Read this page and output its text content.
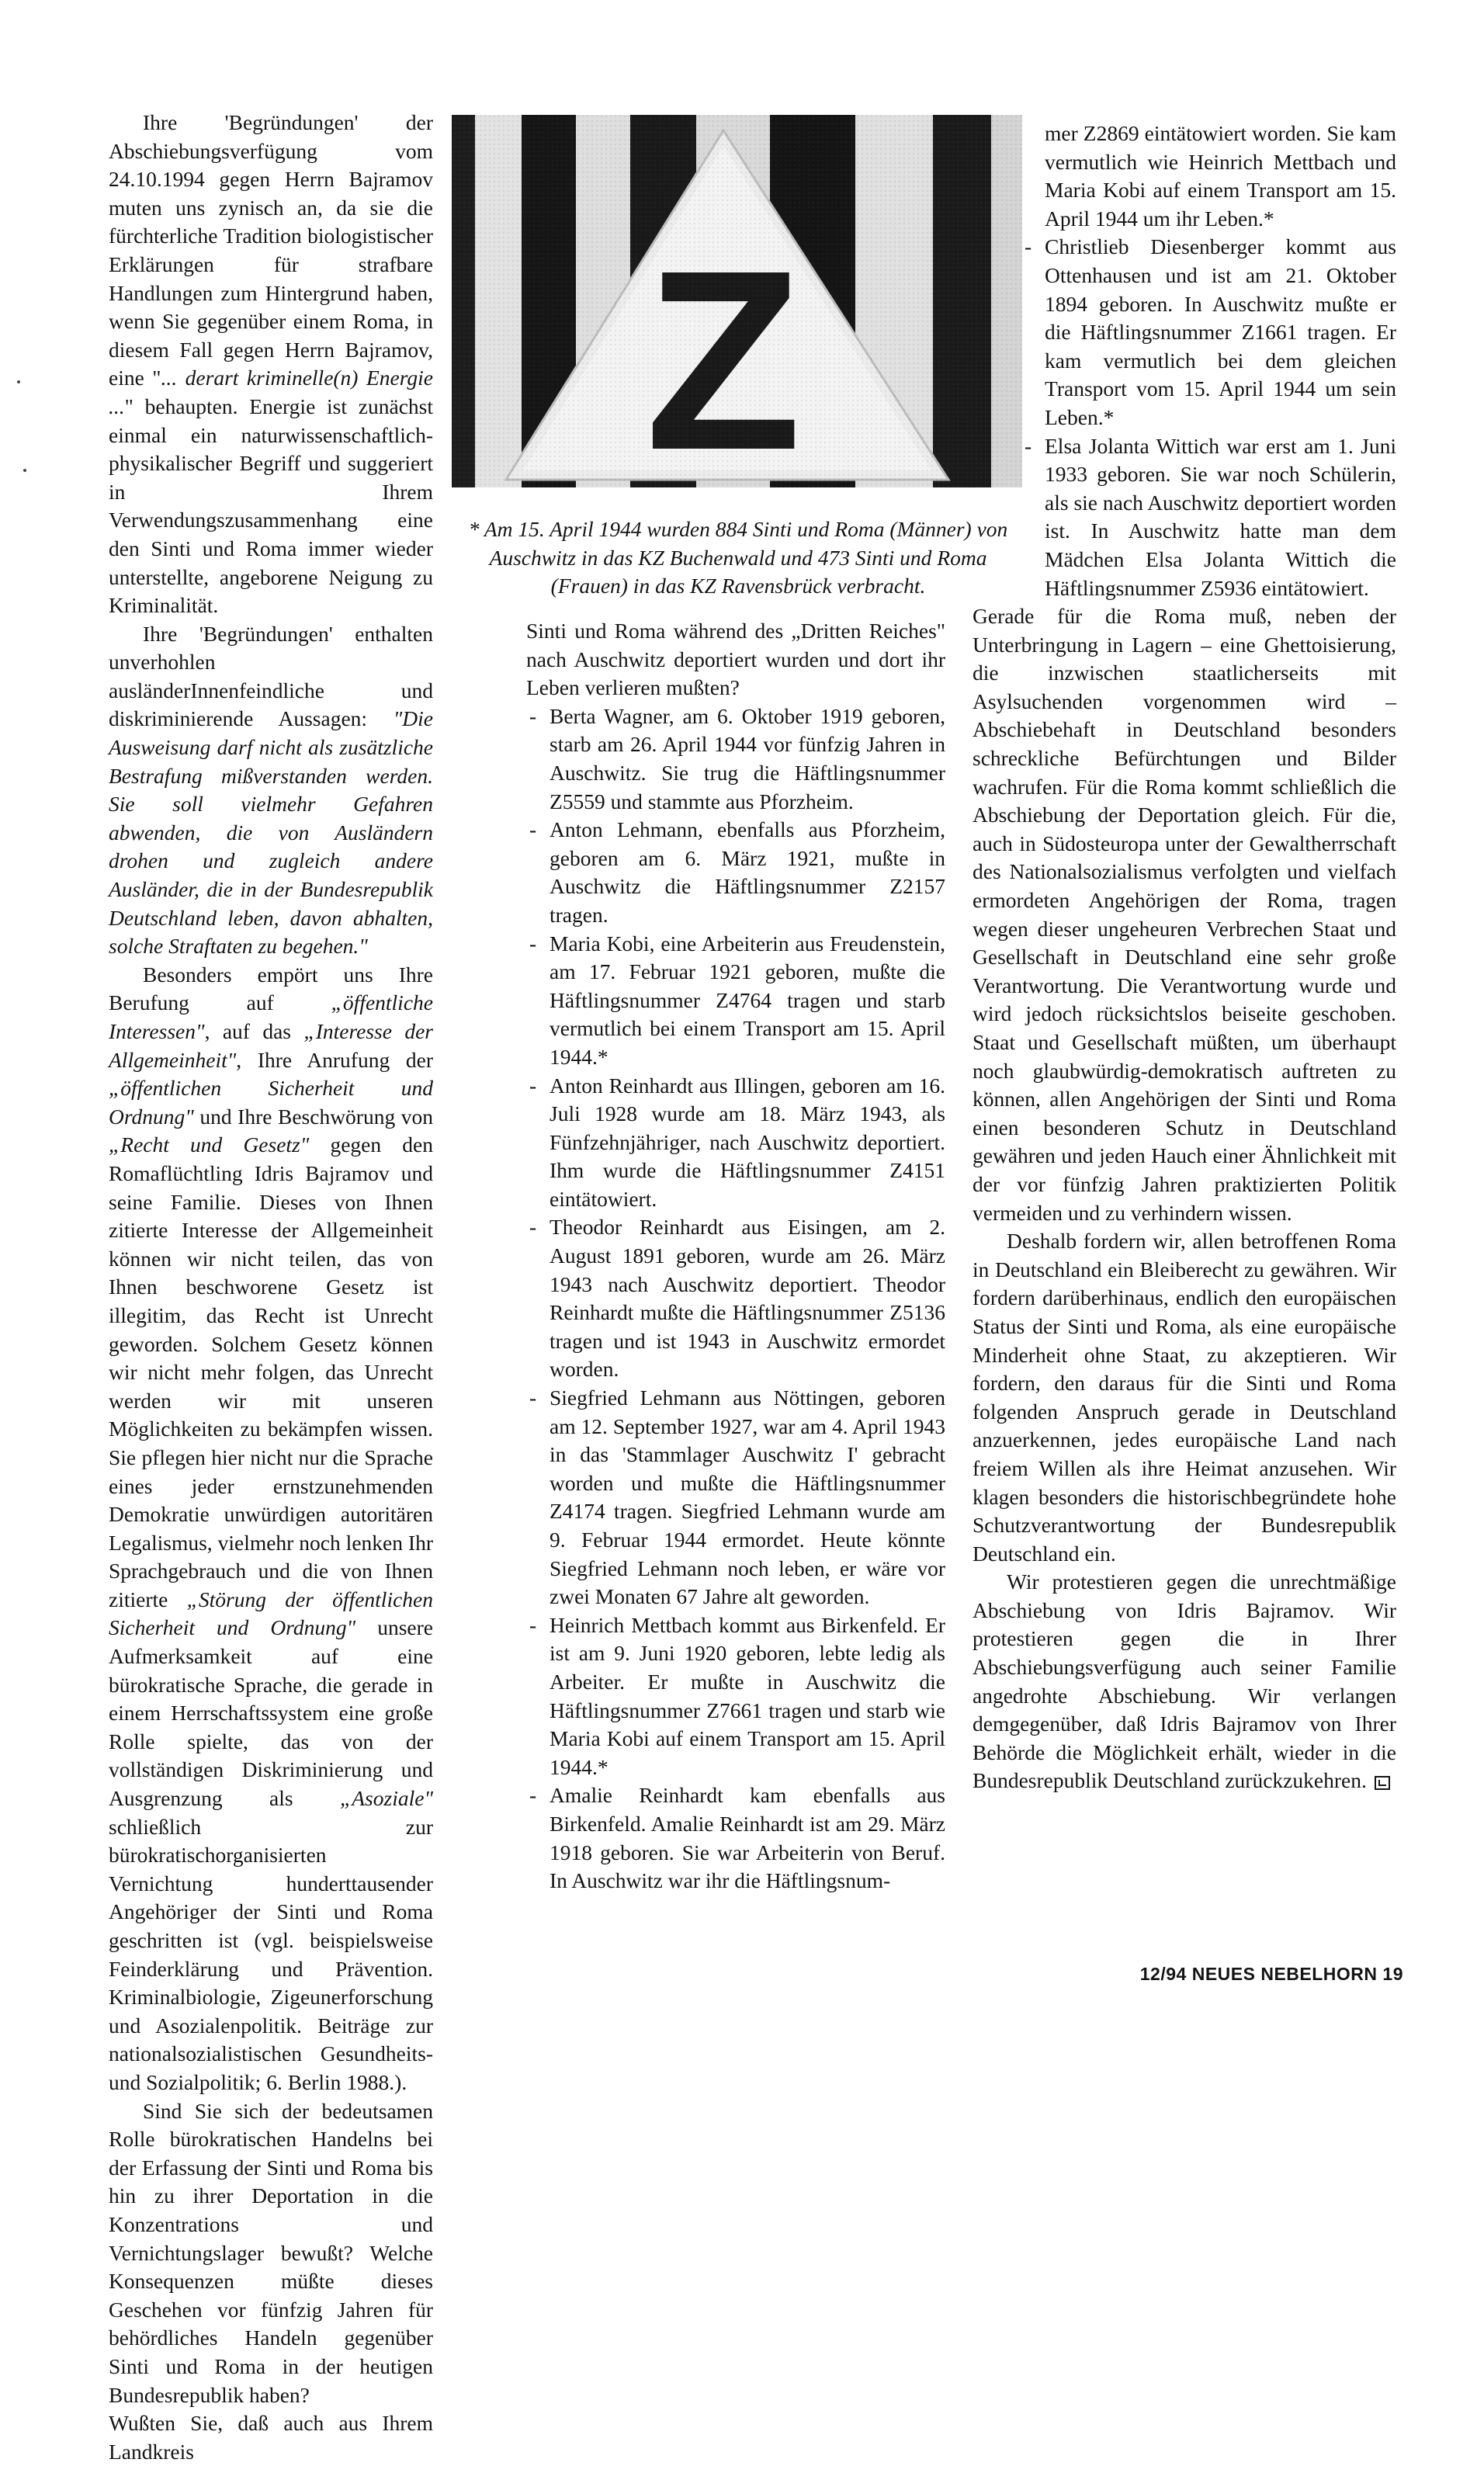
Ihre 'Begründungen' der Abschiebungsverfügung vom 24.10.1994 gegen Herrn Bajramov muten uns zynisch an, da sie die fürchterliche Tradition biologistischer Erklärungen für strafbare Handlungen zum Hintergrund haben, wenn Sie gegenüber einem Roma, in diesem Fall gegen Herrn Bajramov, eine "... derart kriminelle(n) Energie ..." behaupten. Energie ist zunächst einmal ein naturwissenschaftlich-physikalischer Begriff und suggeriert in Ihrem Verwendungszusammenhang eine den Sinti und Roma immer wieder unterstellte, angeborene Neigung zu Kriminalität.

Ihre 'Begründungen' enthalten unverhohlen ausländerInnenfeindliche und diskriminierende Aussagen: "Die Ausweisung darf nicht als zusätzliche Bestrafung mißverstanden werden. Sie soll vielmehr Gefahren abwenden, die von Ausländern drohen und zugleich andere Ausländer, die in der Bundesrepublik Deutschland leben, davon abhalten, solche Straftaten zu begehen."

Besonders empört uns Ihre Berufung auf „öffentliche Interessen", auf das „Interesse der Allgemeinheit", Ihre Anrufung der „öffentlichen Sicherheit und Ordnung" und Ihre Beschwörung von „Recht und Gesetz" gegen den Romaflüchtling Idris Bajramov und seine Familie. Dieses von Ihnen zitierte Interesse der Allgemeinheit können wir nicht teilen, das von Ihnen beschworene Gesetz ist illegitim, das Recht ist Unrecht geworden. Solchem Gesetz können wir nicht mehr folgen, das Unrecht werden wir mit unseren Möglichkeiten zu bekämpfen wissen. Sie pflegen hier nicht nur die Sprache eines jeder ernstzunehmenden Demokratie unwürdigen autoritären Legalismus, vielmehr noch lenken Ihr Sprachgebrauch und die von Ihnen zitierte „Störung der öffentlichen Sicherheit und Ordnung" unsere Aufmerksamkeit auf eine bürokratische Sprache, die gerade in einem Herrschaftssystem eine große Rolle spielte, das von der vollständigen Diskriminierung und Ausgrenzung als „Asoziale" schließlich zur bürokratischorganisierten Vernichtung hunderttausender Angehöriger der Sinti und Roma geschritten ist (vgl. beispielsweise Feinderklärung und Prävention. Kriminalbiologie, Zigeunerforschung und Asozialenpolitik. Beiträge zur nationalsozialistischen Gesundheits- und Sozialpolitik; 6. Berlin 1988.).

Sind Sie sich der bedeutsamen Rolle bürokratischen Handelns bei der Erfassung der Sinti und Roma bis hin zu ihrer Deportation in die Konzentrations und Vernichtungslager bewußt? Welche Konsequenzen müßte dieses Geschehen vor fünfzig Jahren für behördliches Handeln gegenüber Sinti und Roma in der heutigen Bundesrepublik haben?

Wußten Sie, daß auch aus Ihrem Landkreis

* Am 15. April 1944 wurden 884 Sinti und Roma (Männer) von Auschwitz in das KZ Buchenwald und 473 Sinti und Roma (Frauen) in das KZ Ravensbrück verbracht.

Sinti und Roma während des „Dritten Reiches" nach Auschwitz deportiert wurden und dort ihr Leben verlieren mußten?

- Berta Wagner, am 6. Oktober 1919 geboren, starb am 26. April 1944 vor fünfzig Jahren in Auschwitz. Sie trug die Häftlingsnummer Z5559 und stammte aus Pforzheim.
- Anton Lehmann, ebenfalls aus Pforzheim, geboren am 6. März 1921, mußte in Auschwitz die Häftlingsnummer Z2157 tragen.
- Maria Kobi, eine Arbeiterin aus Freudenstein, am 17. Februar 1921 geboren, mußte die Häftlingsnummer Z4764 tragen und starb vermutlich bei einem Transport am 15. April 1944.*
- Anton Reinhardt aus Illingen, geboren am 16. Juli 1928 wurde am 18. März 1943, als Fünfzehnjähriger, nach Auschwitz deportiert. Ihm wurde die Häftlingsnummer Z4151 eintätowiert.
- Theodor Reinhardt aus Eisingen, am 2. August 1891 geboren, wurde am 26. März 1943 nach Auschwitz deportiert. Theodor Reinhardt mußte die Häftlingsnummer Z5136 tragen und ist 1943 in Auschwitz ermordet worden.
- Siegfried Lehmann aus Nöttingen, geboren am 12. September 1927, war am 4. April 1943 in das 'Stammlager Auschwitz I' gebracht worden und mußte die Häftlingsnummer Z4174 tragen. Siegfried Lehmann wurde am 9. Februar 1944 ermordet. Heute könnte Siegfried Lehmann noch leben, er wäre vor zwei Monaten 67 Jahre alt geworden.
- Heinrich Mettbach kommt aus Birkenfeld. Er ist am 9. Juni 1920 geboren, lebte ledig als Arbeiter. Er mußte in Auschwitz die Häftlingsnummer Z7661 tragen und starb wie Maria Kobi auf einem Transport am 15. April 1944.*
- Amalie Reinhardt kam ebenfalls aus Birkenfeld. Amalie Reinhardt ist am 29. März 1918 geboren. Sie war Arbeiterin von Beruf. In Auschwitz war ihr die Häftlingsnum-

mer Z2869 eintätowiert worden. Sie kam vermutlich wie Heinrich Mettbach und Maria Kobi auf einem Transport am 15. April 1944 um ihr Leben.*

- Christlieb Diesenberger kommt aus Ottenhausen und ist am 21. Oktober 1894 geboren. In Auschwitz mußte er die Häftlingsnummer Z1661 tragen. Er kam vermutlich bei dem gleichen Transport vom 15. April 1944 um sein Leben.*
- Elsa Jolanta Wittich war erst am 1. Juni 1933 geboren. Sie war noch Schülerin, als sie nach Auschwitz deportiert worden ist. In Auschwitz hatte man dem Mädchen Elsa Jolanta Wittich die Häftlingsnummer Z5936 eintätowiert.

Gerade für die Roma muß, neben der Unterbringung in Lagern – eine Ghettoisierung, die inzwischen staatlicherseits mit Asylsuchenden vorgenommen wird – Abschiebehaft in Deutschland besonders schreckliche Befürchtungen und Bilder wachrufen. Für die Roma kommt schließlich die Abschiebung der Deportation gleich. Für die, auch in Südosteuropa unter der Gewaltherrschaft des Nationalsozialismus verfolgten und vielfach ermordeten Angehörigen der Roma, tragen wegen dieser ungeheuren Verbrechen Staat und Gesellschaft in Deutschland eine sehr große Verantwortung. Die Verantwortung wurde und wird jedoch rücksichtslos beiseite geschoben. Staat und Gesellschaft müßten, um überhaupt noch glaubwürdig-demokratisch auftreten zu können, allen Angehörigen der Sinti und Roma einen besonderen Schutz in Deutschland gewähren und jeden Hauch einer Ähnlichkeit mit der vor fünfzig Jahren praktizierten Politik vermeiden und zu verhindern wissen.

Deshalb fordern wir, allen betroffenen Roma in Deutschland ein Bleiberecht zu gewähren. Wir fordern darüberhinaus, endlich den europäischen Status der Sinti und Roma, als eine europäische Minderheit ohne Staat, zu akzeptieren. Wir fordern, den daraus für die Sinti und Roma folgenden Anspruch gerade in Deutschland anzuerkennen, jedes europäische Land nach freiem Willen als ihre Heimat anzusehen. Wir klagen besonders die historischbegründete hohe Schutzverantwortung der Bundesrepublik Deutschland ein.

Wir protestieren gegen die unrechtmäßige Abschiebung von Idris Bajramov. Wir protestieren gegen die in Ihrer Abschiebungsverfügung auch seiner Familie angedrohte Abschiebung. Wir verlangen demgegenüber, daß Idris Bajramov von Ihrer Behörde die Möglichkeit erhält, wieder in die Bundesrepublik Deutschland zurückzukehren.

12/94 NEUES NEBELHORN 19
